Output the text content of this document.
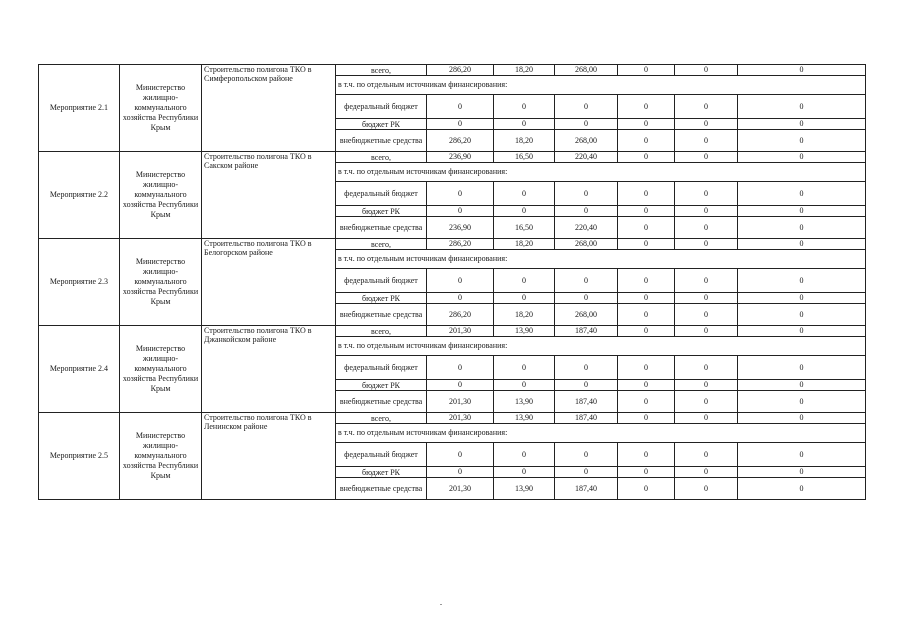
Мероприятие 2.1	Министерство жилищно-коммунального хозяйства Республики Крым	Строительство полигона ТКО в Симферопольском районе	всего,	286,20	18,20	268,00	0	0	0
			в т.ч. по отдельным источникам финансирования:						
			федеральный бюджет	0	0	0	0	0	0
			бюджет РК	0	0	0	0	0	0
			внебюджетные средства	286,20	18,20	268,00	0	0	0
Мероприятие 2.2	Министерство жилищно-коммунального хозяйства Республики Крым	Строительство полигона ТКО в Сакском районе	всего,	236,90	16,50	220,40	0	0	0
			в т.ч. по отдельным источникам финансирования:						
			федеральный бюджет	0	0	0	0	0	0
			бюджет РК	0	0	0	0	0	0
			внебюджетные средства	236,90	16,50	220,40	0	0	0
Мероприятие 2.3	Министерство жилищно-коммунального хозяйства Республики Крым	Строительство полигона ТКО в Белогорском районе	всего,	286,20	18,20	268,00	0	0	0
			в т.ч. по отдельным источникам финансирования:						
			федеральный бюджет	0	0	0	0	0	0
			бюджет РК	0	0	0	0	0	0
			внебюджетные средства	286,20	18,20	268,00	0	0	0
Мероприятие 2.4	Министерство жилищно-коммунального хозяйства Республики Крым	Строительство полигона ТКО в Джанкойском районе	всего,	201,30	13,90	187,40	0	0	0
			в т.ч. по отдельным источникам финансирования:						
			федеральный бюджет	0	0	0	0	0	0
			бюджет РК	0	0	0	0	0	0
			внебюджетные средства	201,30	13,90	187,40	0	0	0
Мероприятие 2.5	Министерство жилищно-коммунального хозяйства Республики Крым	Строительство полигона ТКО в Ленинском районе	всего,	201,30	13,90	187,40	0	0	0
			в т.ч. по отдельным источникам финансирования:						
			федеральный бюджет	0	0	0	0	0	0
			бюджет РК	0	0	0	0	0	0
			внебюджетные средства	201,30	13,90	187,40	0	0	0
